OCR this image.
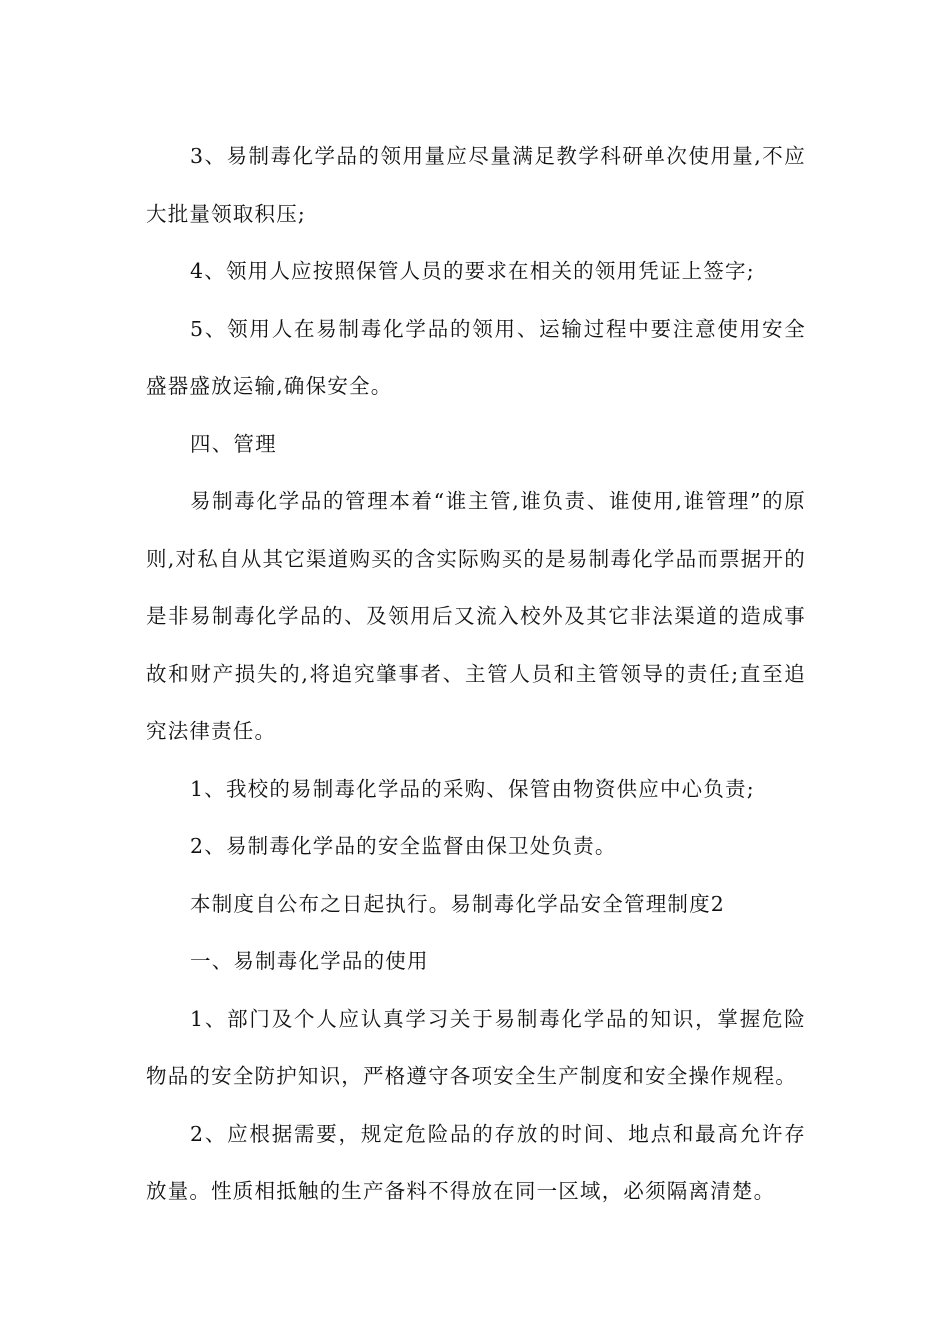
3、易制毒化学品的领用量应尽量满足教学科研单次使用量,不应大批量领取积压;

4、领用人应按照保管人员的要求在相关的领用凭证上签字;

5、领用人在易制毒化学品的领用、运输过程中要注意使用安全盛器盛放运输,确保安全。

四、管理

易制毒化学品的管理本着“谁主管,谁负责、谁使用,谁管理”的原则,对私自从其它渠道购买的含实际购买的是易制毒化学品而票据开的是非易制毒化学品的、及领用后又流入校外及其它非法渠道的造成事故和财产损失的,将追究肇事者、主管人员和主管领导的责任;直至追究法律责任。

1、我校的易制毒化学品的采购、保管由物资供应中心负责;

2、易制毒化学品的安全监督由保卫处负责。

本制度自公布之日起执行。易制毒化学品安全管理制度2

一、易制毒化学品的使用

1、部门及个人应认真学习关于易制毒化学品的知识，掌握危险物品的安全防护知识，严格遵守各项安全生产制度和安全操作规程。

2、应根据需要，规定危险品的存放的时间、地点和最高允许存放量。性质相抵触的生产备料不得放在同一区域，必须隔离清楚。
